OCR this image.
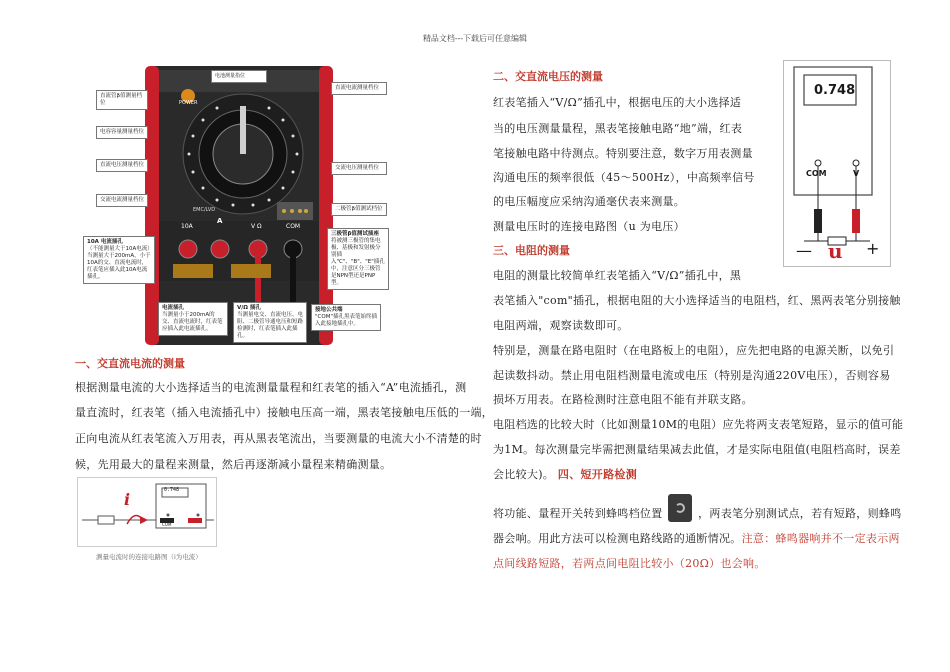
精品文档---下载后可任意编辑
电池测量指位
POWER
直流管β值测量档位
电容容量测量档位
直流电压测量档位
交流电流测量档位
直流电流测量档位
交流电压测量档位
二极管β值测试档位
EMC/LVD
10A
A
V Ω	COM
10A 电流插孔
（不能测量大于10A电流）当测量大于200mA，小于10A的交、直流电流时，红表笔应插入此10A电流插孔。
电流插孔
当测量小于200mA的交、直流电流时，红表笔应插入此电流插孔。
V/Ω 插孔
当测量电交、直流电压、电阻、二极管导通电压和短路检测时，红表笔插入此插孔。
接地公共端
"COM"插孔黑表笔始终插入此接地插孔中。
三极管β值测试插座
将被测三极管的集电极、基极和发射极分别插入"C"、"B"、"E"插孔中，注意区分三极管是NPN型还是PNP型。
一、交直流电流的测量
根据测量电流的大小选择适当的电流测量量程和红表笔的插入“A”电流插孔，测
量直流时，红表笔（插入电流插孔中）接触电压高一端，黑表笔接触电压低的一端，
正向电流从红表笔流入万用表，再从黑表笔流出，当要测量的电流大小不清楚的时
候，先用最大的量程来测量，然后再逐渐减小量程来精确测量。
0.748
i
COM
测量电流时的连接电路图（i为电流）
二、交直流电压的测量
红表笔插入“V/Ω”插孔中，根据电压的大小选择适
当的电压测量量程，黑表笔接触电路“地”端，红表
笔接触电路中待测点。特别要注意，数字万用表测量
沟通电压的频率很低（45～500Hz），中高频率信号
的电压幅度应采纳沟通毫伏表来测量。
测量电压时的连接电路图（u 为电压）
0.748
COM	V
— u +
三、电阻的测量
电阻的测量比较简单红表笔插入“V/Ω”插孔中，黑
表笔插入"com"插孔，根据电阻的大小选择适当的电阻档，红、黑两表笔分别接触
电阻两端，观察读数即可。
特别是，测量在路电阻时（在电路板上的电阻），应先把电路的电源关断，以免引
起读数抖动。禁止用电阻档测量电流或电压（特别是沟通220V电压），否则容易
损坏万用表。在路检测时注意电阻不能有并联支路。
电阻档选的比较大时（比如测量10M的电阻）应先将两支表笔短路，显示的值可能
为1M。每次测量完毕需把测量结果减去此值，才是实际电阻值(电阻档高时，误差
会比较大)。 四、短开路检测
将功能、量程开关转到蜂鸣档位置	，两表笔分别测试点，若有短路，则蜂鸣
器会响。用此方法可以检测电路线路的通断情况。注意：蜂鸣器响并不一定表示两
点间线路短路，若两点间电阻比较小（20Ω）也会响。
